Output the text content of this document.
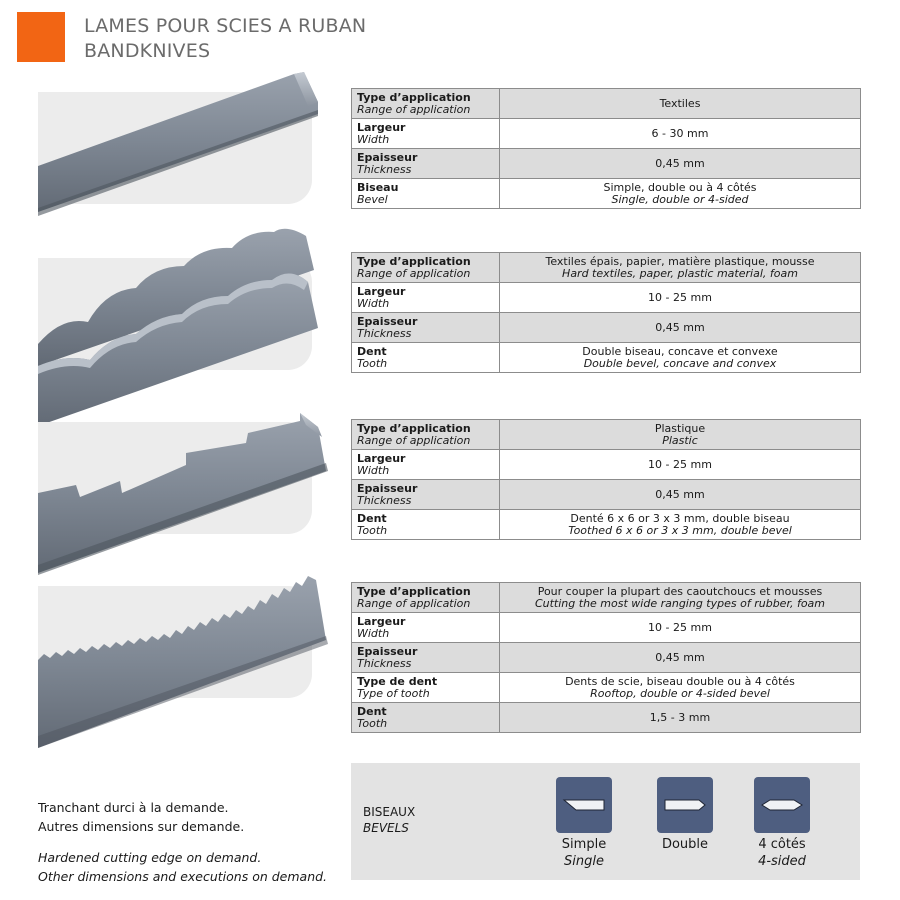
LAMES POUR SCIES A RUBAN
BANDKNIVES
Type d’application
Range of application	Textiles

Largeur
Width	6 - 30 mm

Epaisseur
Thickness	0,45 mm

Biseau
Bevel	Simple, double ou à 4 côtés
Single, double or 4-sided
Type d’application
Range of application	Textiles épais, papier, matière plastique, mousse
Hard textiles, paper, plastic material, foam

Largeur
Width	10 - 25 mm

Epaisseur
Thickness	0,45 mm

Dent
Tooth	Double biseau, concave et convexe
Double bevel, concave and convex
Type d’application
Range of application	Plastique
Plastic

Largeur
Width	10 - 25 mm

Epaisseur
Thickness	0,45 mm

Dent
Tooth	Denté 6 x 6 or 3 x 3 mm, double biseau
Toothed 6 x 6 or 3 x 3 mm, double bevel
Type d’application
Range of application	Pour couper la plupart des caoutchoucs et mousses
Cutting the most wide ranging types of rubber, foam

Largeur
Width	10 - 25 mm

Epaisseur
Thickness	0,45 mm

Type de dent
Type of tooth	Dents de scie, biseau double ou à 4 côtés
Rooftop, double or 4-sided bevel

Dent
Tooth	1,5 - 3 mm
Tranchant durci à la demande.
Autres dimensions sur demande.
Hardened cutting edge on demand.
Other dimensions and executions on demand.
BISEAUX
BEVELS
Simple
Single
Double	4 côtés
4-sided
